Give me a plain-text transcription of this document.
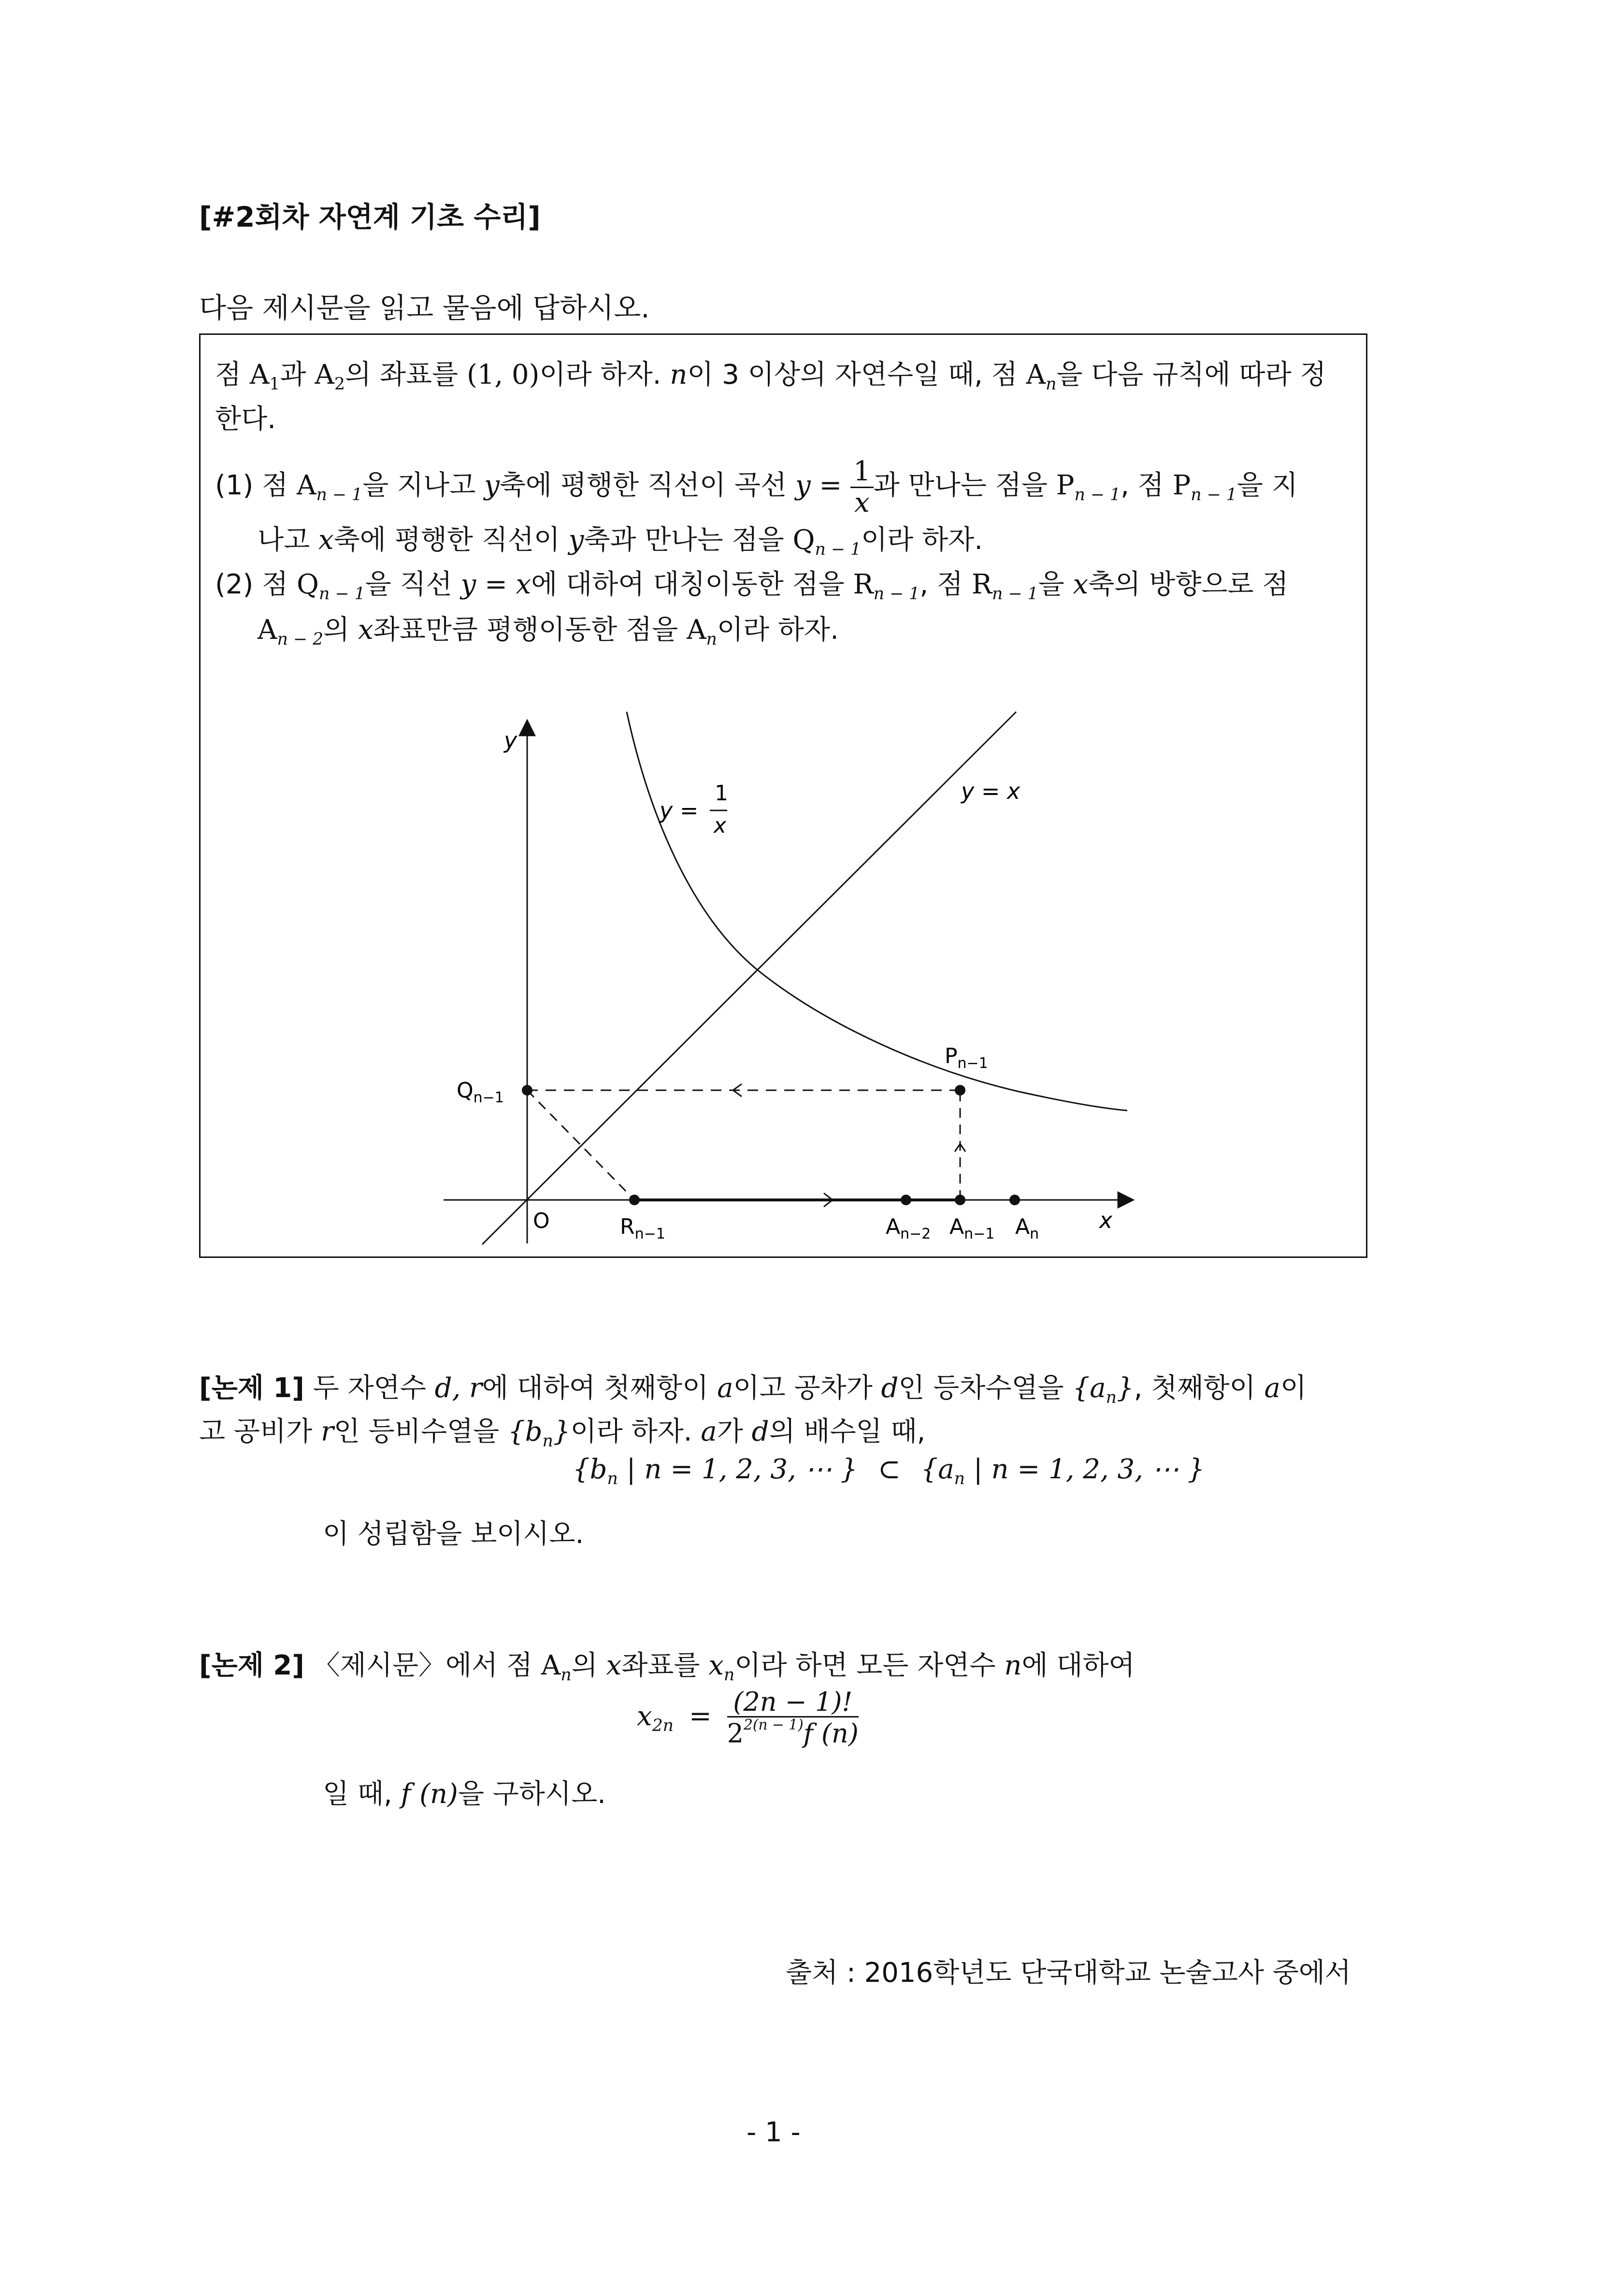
[#2회차 자연계 기초 수리]
다음 제시문을 읽고 물음에 답하시오.
점 $A_1$과 $A_2$의 좌표를 (1, 0)이라 하자. n이 3 이상의 자연수일 때, 점 $A_n$을 다음 규칙에 따라 정
한다.
(1) 점 $A_{n - 1}$을 지나고 y축에 평행한 직선이 곡선 $y = \frac{1}{x}$ 과 만나는 점을 $P_{n - 1}$, 점 $P_{n - 1}$을 지
나고 x축에 평행한 직선이 y축과 만나는 점을 $Q_{n - 1}$이라 하자.
(2) 점 $Q_{n - 1}$을 직선 y = x에 대하여 대칭이동한 점을 $R_{n - 1}$, 점 $R_{n - 1}$을 x축의 방향으로 점
$A_{n - 2}$의 x좌표만큼 평행이동한 점을 $A_n$이라 하자.
y
x
y =
1
x
y = x
$P_{n-1}$
$Q_{n-1}$
O	$R_{n-1}$	$A_{n-2}$ $A_{n-1}$ $A_n$
[논제 1] 두 자연수 d, r에 대하여 첫째항이 a이고 공차가 d인 등차수열을 $\{a_n\}$, 첫째항이 a이
고 공비가 r인 등비수열을 $\{b_n\}$이라 하자. a가 d의 배수일 때,
{$b_n$ | n = 1, 2, 3, ⋯ } ⊂ {$a_n$ | n = 1, 2, 3, ⋯ }
이 성립함을 보이시오.
[논제 2] 〈제시문〉에서 점 $A_n$의 x좌표를 $x_n$이라 하면 모든 자연수 n에 대하여
$x_{2n} = \frac{(2n - 1)!}{2^{2(n - 1)}f (n)}$
일 때, f (n)을 구하시오.
출처 : 2016학년도 단국대학교 논술고사 중에서
- 1 -
